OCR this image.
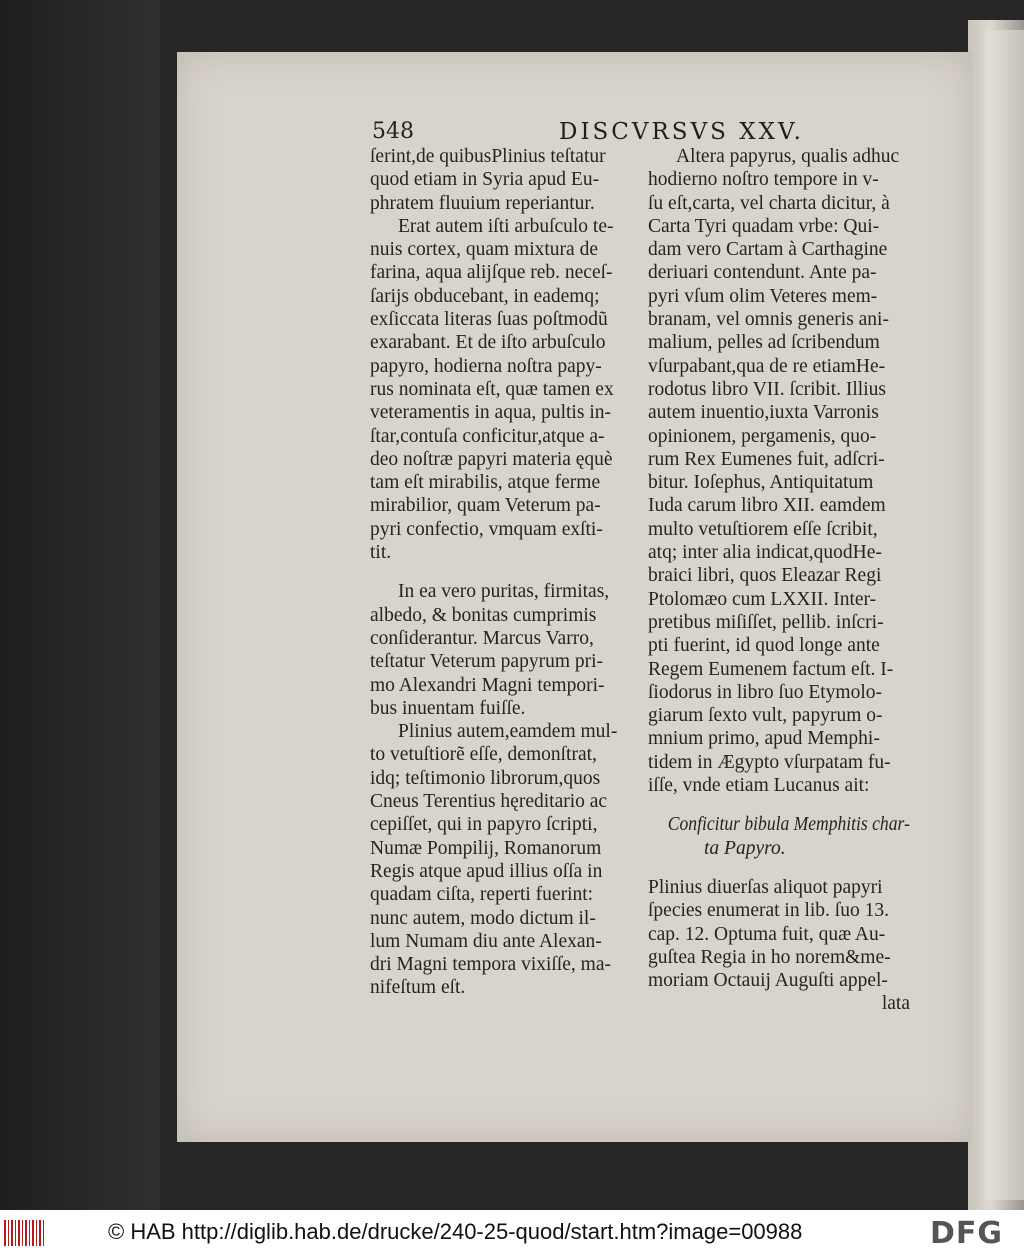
548	DISCVRSVS XXV.
ſerint,de quibusPlinius teſtatur
quod etiam in Syria apud Eu-
phratem fluuium reperiantur.
Erat autem iſti arbuſculo te-
nuis cortex, quam mixtura de
farina, aqua alijſque reb. neceſ-
ſarijs obducebant, in eademq;
exſiccata literas ſuas poſtmodũ
exarabant. Et de iſto arbuſculo
papyro, hodierna noſtra papy-
rus nominata eſt, quæ tamen ex
veteramentis in aqua, pultis in-
ſtar,contuſa conficitur,atque a-
deo noſtræ papyri materia ęquè
tam eſt mirabilis, atque ferme
mirabilior, quam Veterum pa-
pyri confectio, vmquam exſti-
tit.
In ea vero puritas, firmitas,
albedo, & bonitas cumprimis
conſiderantur. Marcus Varro,
teſtatur Veterum papyrum pri-
mo Alexandri Magni tempori-
bus inuentam fuiſſe.
Plinius autem,eamdem mul-
to vetuſtiorẽ eſſe, demonſtrat,
idq; teſtimonio librorum,quos
Cneus Terentius hęreditario ac
cepiſſet, qui in papyro ſcripti,
Numæ Pompilij, Romanorum
Regis atque apud illius oſſa in
quadam ciſta, reperti fuerint:
nunc autem, modo dictum il-
lum Numam diu ante Alexan-
dri Magni tempora vixiſſe, ma-
nifeſtum eſt.
Altera papyrus, qualis adhuc
hodierno noſtro tempore in v-
ſu eſt,carta, vel charta dicitur, à
Carta Tyri quadam vrbe: Qui-
dam vero Cartam à Carthagine
deriuari contendunt. Ante pa-
pyri vſum olim Veteres mem-
branam, vel omnis generis ani-
malium, pelles ad ſcribendum
vſurpabant,qua de re etiamHe-
rodotus libro VII. ſcribit. Illius
autem inuentio,iuxta Varronis
opinionem, pergamenis, quo-
rum Rex Eumenes fuit, adſcri-
bitur. Ioſephus, Antiquitatum
Iuda carum libro XII. eamdem
multo vetuſtiorem eſſe ſcribit,
atq; inter alia indicat,quodHe-
braici libri, quos Eleazar Regi
Ptolomæo cum LXXII. Inter-
pretibus miſiſſet, pellib. inſcri-
pti fuerint, id quod longe ante
Regem Eumenem factum eſt. I-
ſiodorus in libro ſuo Etymolo-
giarum ſexto vult, papyrum o-
mnium primo, apud Memphi-
tidem in Ægypto vſurpatam fu-
iſſe, vnde etiam Lucanus ait:
Conficitur bibula Memphitis char-
ta Papyro.
Plinius diuerſas aliquot papyri
ſpecies enumerat in lib. ſuo 13.
cap. 12. Optuma fuit, quæ Au-
guſtea Regia in ho norem&me-
moriam Octauij Auguſti appel-
lata
© HAB http://diglib.hab.de/drucke/240-25-quod/start.htm?image=00988	DFG
